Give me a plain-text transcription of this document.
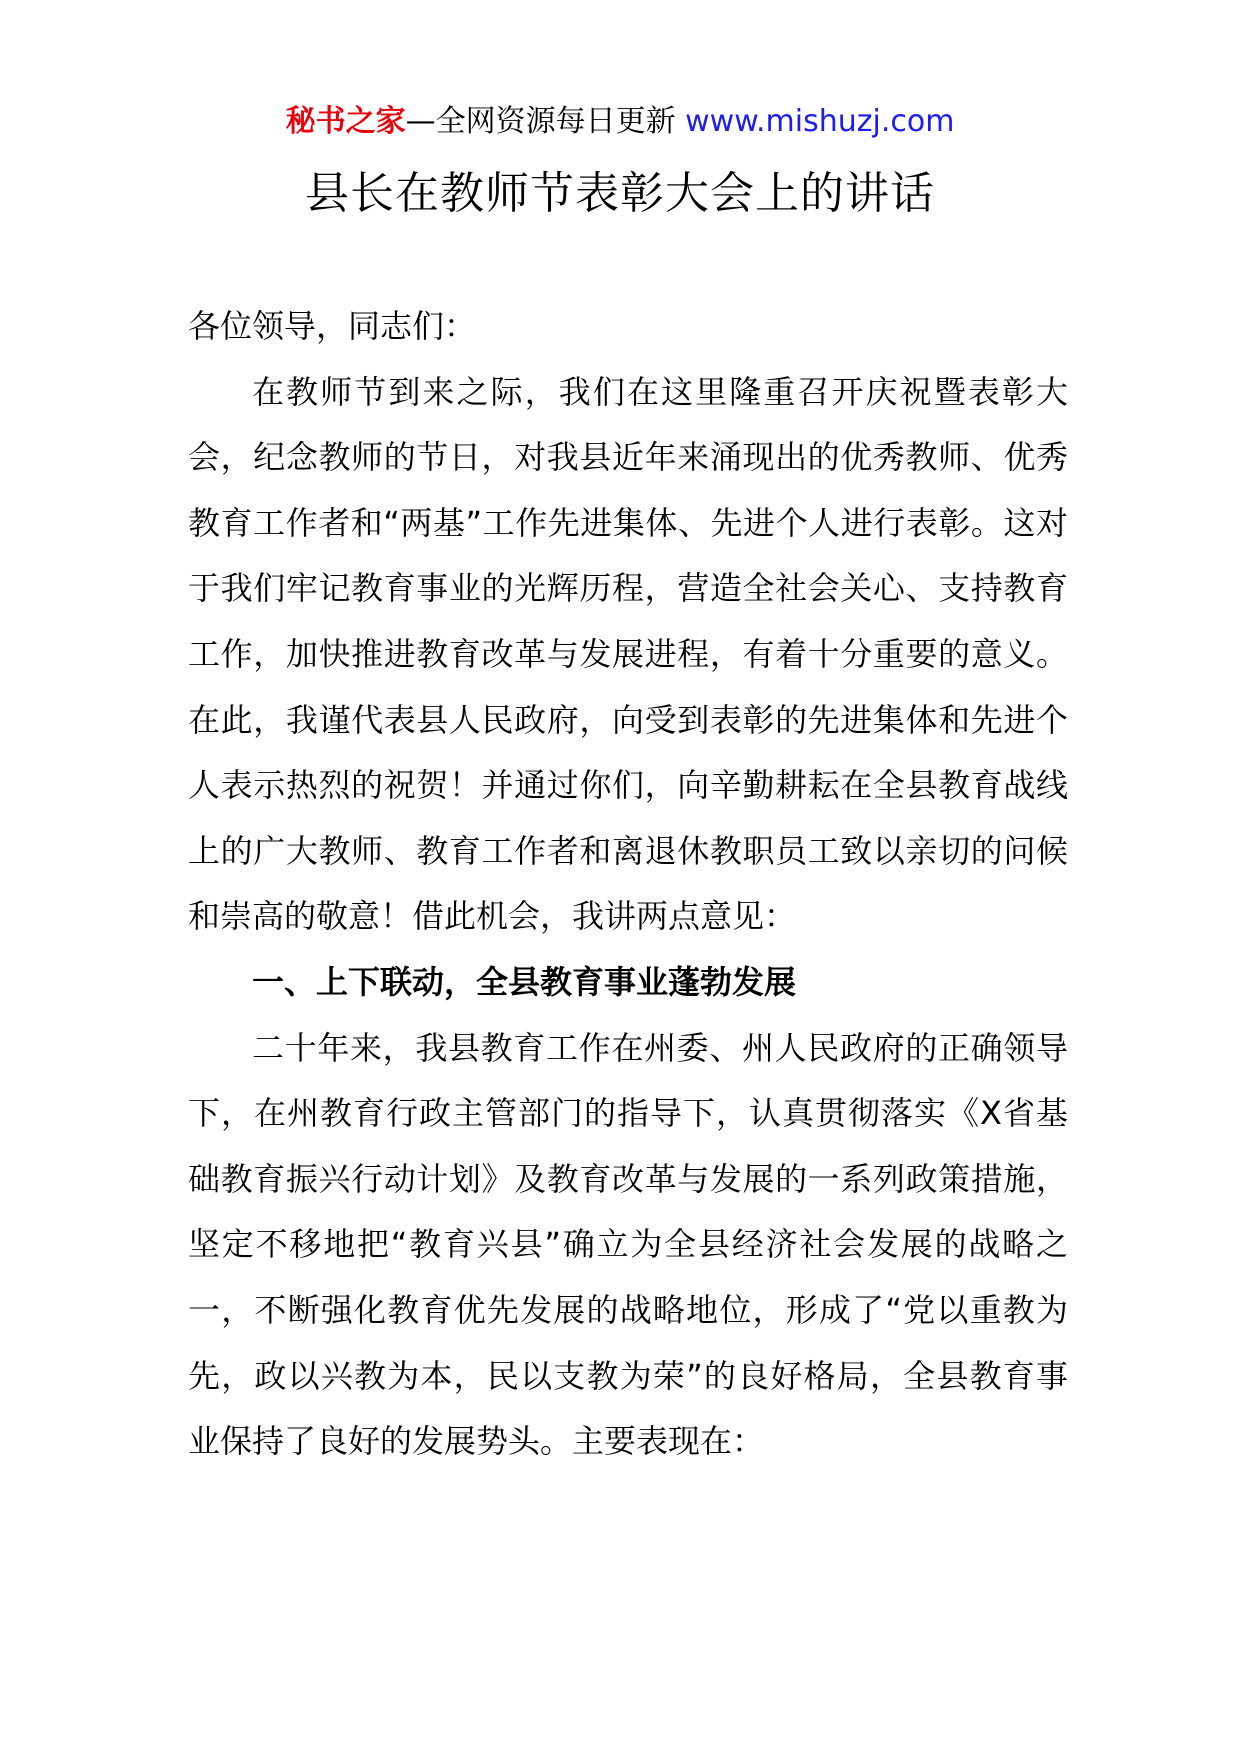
秘书之家—全网资源每日更新 www.mishuzj.com
县长在教师节表彰大会上的讲话

各位领导，同志们：

在教师节到来之际，我们在这里隆重召开庆祝暨表彰大会，纪念教师的节日，对我县近年来涌现出的优秀教师、优秀教育工作者和“两基”工作先进集体、先进个人进行表彰。这对于我们牢记教育事业的光辉历程，营造全社会关心、支持教育工作，加快推进教育改革与发展进程，有着十分重要的意义。在此，我谨代表县人民政府，向受到表彰的先进集体和先进个人表示热烈的祝贺！并通过你们，向辛勤耕耘在全县教育战线上的广大教师、教育工作者和离退休教职员工致以亲切的问候和崇高的敬意！借此机会，我讲两点意见：

一、上下联动，全县教育事业蓬勃发展

二十年来，我县教育工作在州委、州人民政府的正确领导下，在州教育行政主管部门的指导下，认真贯彻落实《X省基础教育振兴行动计划》及教育改革与发展的一系列政策措施，坚定不移地把“教育兴县”确立为全县经济社会发展的战略之一，不断强化教育优先发展的战略地位，形成了“党以重教为先，政以兴教为本，民以支教为荣”的良好格局，全县教育事业保持了良好的发展势头。主要表现在：
